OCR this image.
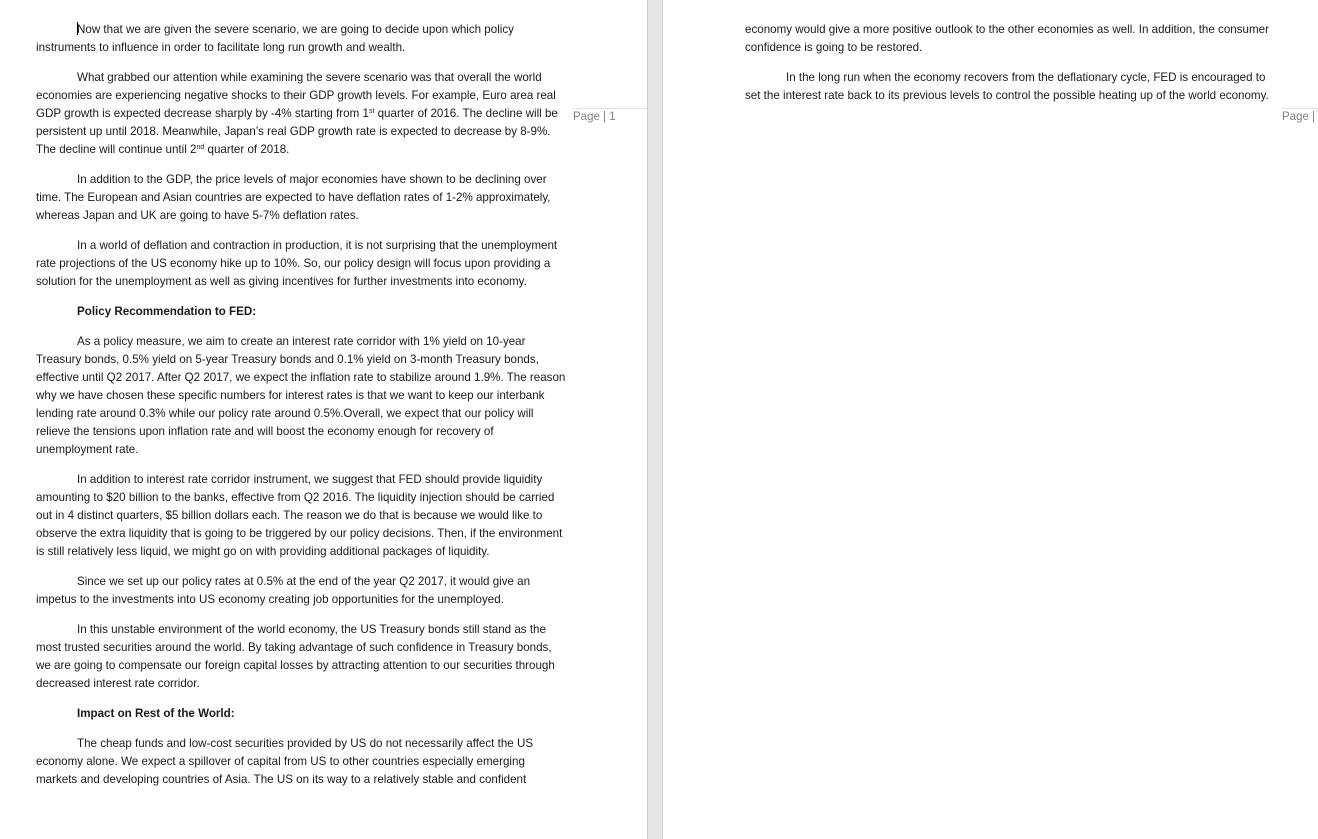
Now that we are given the severe scenario, we are going to decide upon which policy instruments to influence in order to facilitate long run growth and wealth.

What grabbed our attention while examining the severe scenario was that overall the world economies are experiencing negative shocks to their GDP growth levels. For example, Euro area real GDP growth is expected decrease sharply by -4% starting from 1st quarter of 2016. The decline will be persistent up until 2018. Meanwhile, Japan’s real GDP growth rate is expected to decrease by 8-9%. The decline will continue until 2nd quarter of 2018.

In addition to the GDP, the price levels of major economies have shown to be declining over time. The European and Asian countries are expected to have deflation rates of 1-2% approximately, whereas Japan and UK are going to have 5-7% deflation rates.

In a world of deflation and contraction in production, it is not surprising that the unemployment rate projections of the US economy hike up to 10%. So, our policy design will focus upon providing a solution for the unemployment as well as giving incentives for further investments into economy.

Policy Recommendation to FED:

As a policy measure, we aim to create an interest rate corridor with 1% yield on 10-year Treasury bonds, 0.5% yield on 5-year Treasury bonds and 0.1% yield on 3-month Treasury bonds, effective until Q2 2017. After Q2 2017, we expect the inflation rate to stabilize around 1.9%. The reason why we have chosen these specific numbers for interest rates is that we want to keep our interbank lending rate around 0.3% while our policy rate around 0.5%.Overall, we expect that our policy will relieve the tensions upon inflation rate and will boost the economy enough for recovery of unemployment rate.

In addition to interest rate corridor instrument, we suggest that FED should provide liquidity amounting to $20 billion to the banks, effective from Q2 2016. The liquidity injection should be carried out in 4 distinct quarters, $5 billion dollars each. The reason we do that is because we would like to observe the extra liquidity that is going to be triggered by our policy decisions. Then, if the environment is still relatively less liquid, we might go on with providing additional packages of liquidity.

Since we set up our policy rates at 0.5% at the end of the year Q2 2017, it would give an impetus to the investments into US economy creating job opportunities for the unemployed.

In this unstable environment of the world economy, the US Treasury bonds still stand as the most trusted securities around the world. By taking advantage of such confidence in Treasury bonds, we are going to compensate our foreign capital losses by attracting attention to our securities through decreased interest rate corridor.

Impact on Rest of the World:

The cheap funds and low-cost securities provided by US do not necessarily affect the US economy alone. We expect a spillover of capital from US to other countries especially emerging markets and developing countries of Asia. The US on its way to a relatively stable and confident

Page | 1

economy would give a more positive outlook to the other economies as well. In addition, the consumer confidence is going to be restored.

In the long run when the economy recovers from the deflationary cycle, FED is encouraged to set the interest rate back to its previous levels to control the possible heating up of the world economy.

Page |
